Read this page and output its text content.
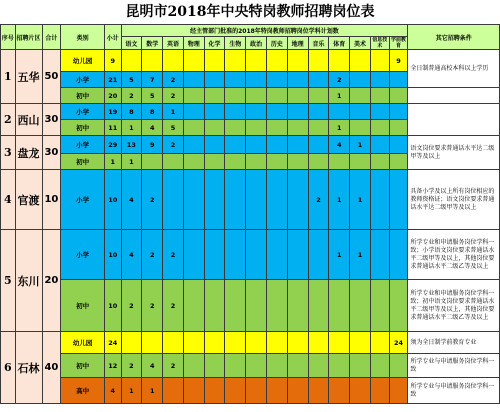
昆明市2018年中央特岗教师招聘岗位表
序号	招聘片区	合计	类别	小计	经主管部门批准的2018年特岗教师招聘岗位学科计划数														其它招聘条件
					语文	数学	英语	物理	化学	生物	政治	历史	地理	音乐	体育	美术	信息技术	学前教育	
1	五华	50	幼儿园	9														9	全日制普通高校本科以上学历
			小学	21	5	7	2								2				
			初中	20	2	5	2								1				
2	西山	30	小学	19	8	8	1												
			初中	11	1	4	5								1				
3	盘龙	30	小学	29	13	9	2								4	1			语文岗位要求普通话水平达二级甲等及以上
			初中	1	1														
4	官渡	10	小学	10	4	2								2	1	1			具备小学及以上所有岗位相应的教师资格证；语文岗位要求普通话水平达二级甲等及以上
5	东川	20	小学	10	4	2	2								1	1			所学专业和申请服务岗位学科一致；小学语文岗位要求普通话水平二级甲等及以上，其他岗位要求普通话水平二级乙等及以上
			初中	10	2	2	2												所学专业和申请服务岗位学科一致；初中语文岗位要求普通话水平二级甲等及以上，其他岗位要求普通话水平二级乙等及以上
6	石林	40	幼儿园	24														24	须为全日制学前教育专业
			初中	12	2	4	2												所学专业与申请服务岗位学科一致
			高中	4	1	1													所学专业与申请服务岗位学科一致
